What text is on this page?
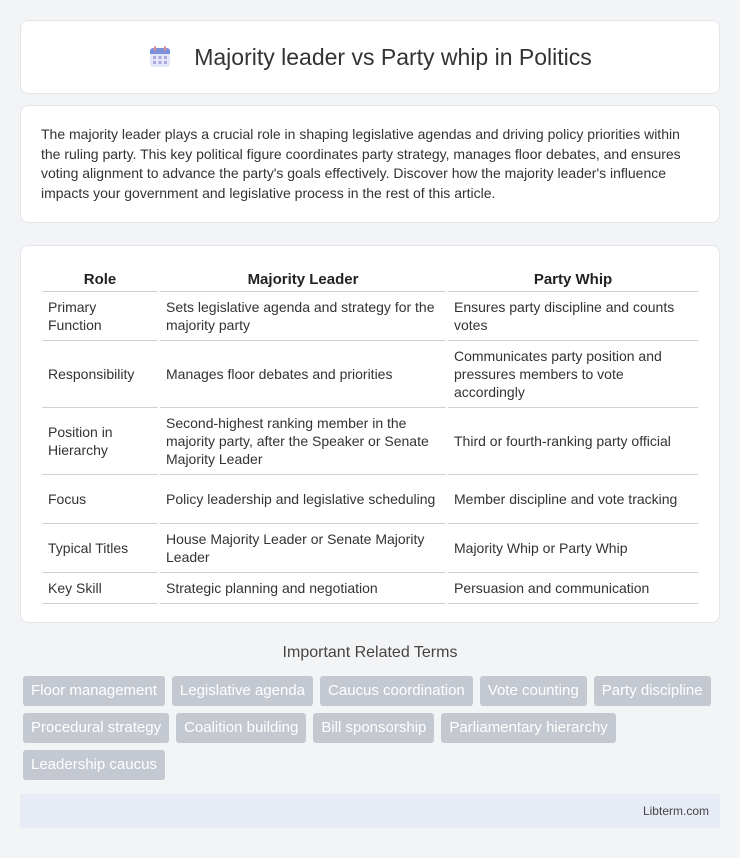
Majority leader vs Party whip in Politics

The majority leader plays a crucial role in shaping legislative agendas and driving policy priorities within the ruling party. This key political figure coordinates party strategy, manages floor debates, and ensures voting alignment to advance the party's goals effectively. Discover how the majority leader's influence impacts your government and legislative process in the rest of this article.

Role	Majority Leader	Party Whip
Primary Function	Sets legislative agenda and strategy for the majority party	Ensures party discipline and counts votes
Responsibility	Manages floor debates and priorities	Communicates party position and pressures members to vote accordingly
Position in Hierarchy	Second-highest ranking member in the majority party, after the Speaker or Senate Majority Leader	Third or fourth-ranking party official
Focus	Policy leadership and legislative scheduling	Member discipline and vote tracking
Typical Titles	House Majority Leader or Senate Majority Leader	Majority Whip or Party Whip
Key Skill	Strategic planning and negotiation	Persuasion and communication
Important Related Terms
Floor management	Legislative agenda	Caucus coordination	Vote counting	Party discipline
Procedural strategy	Coalition building	Bill sponsorship	Parliamentary hierarchy
Leadership caucus
Libterm.com
